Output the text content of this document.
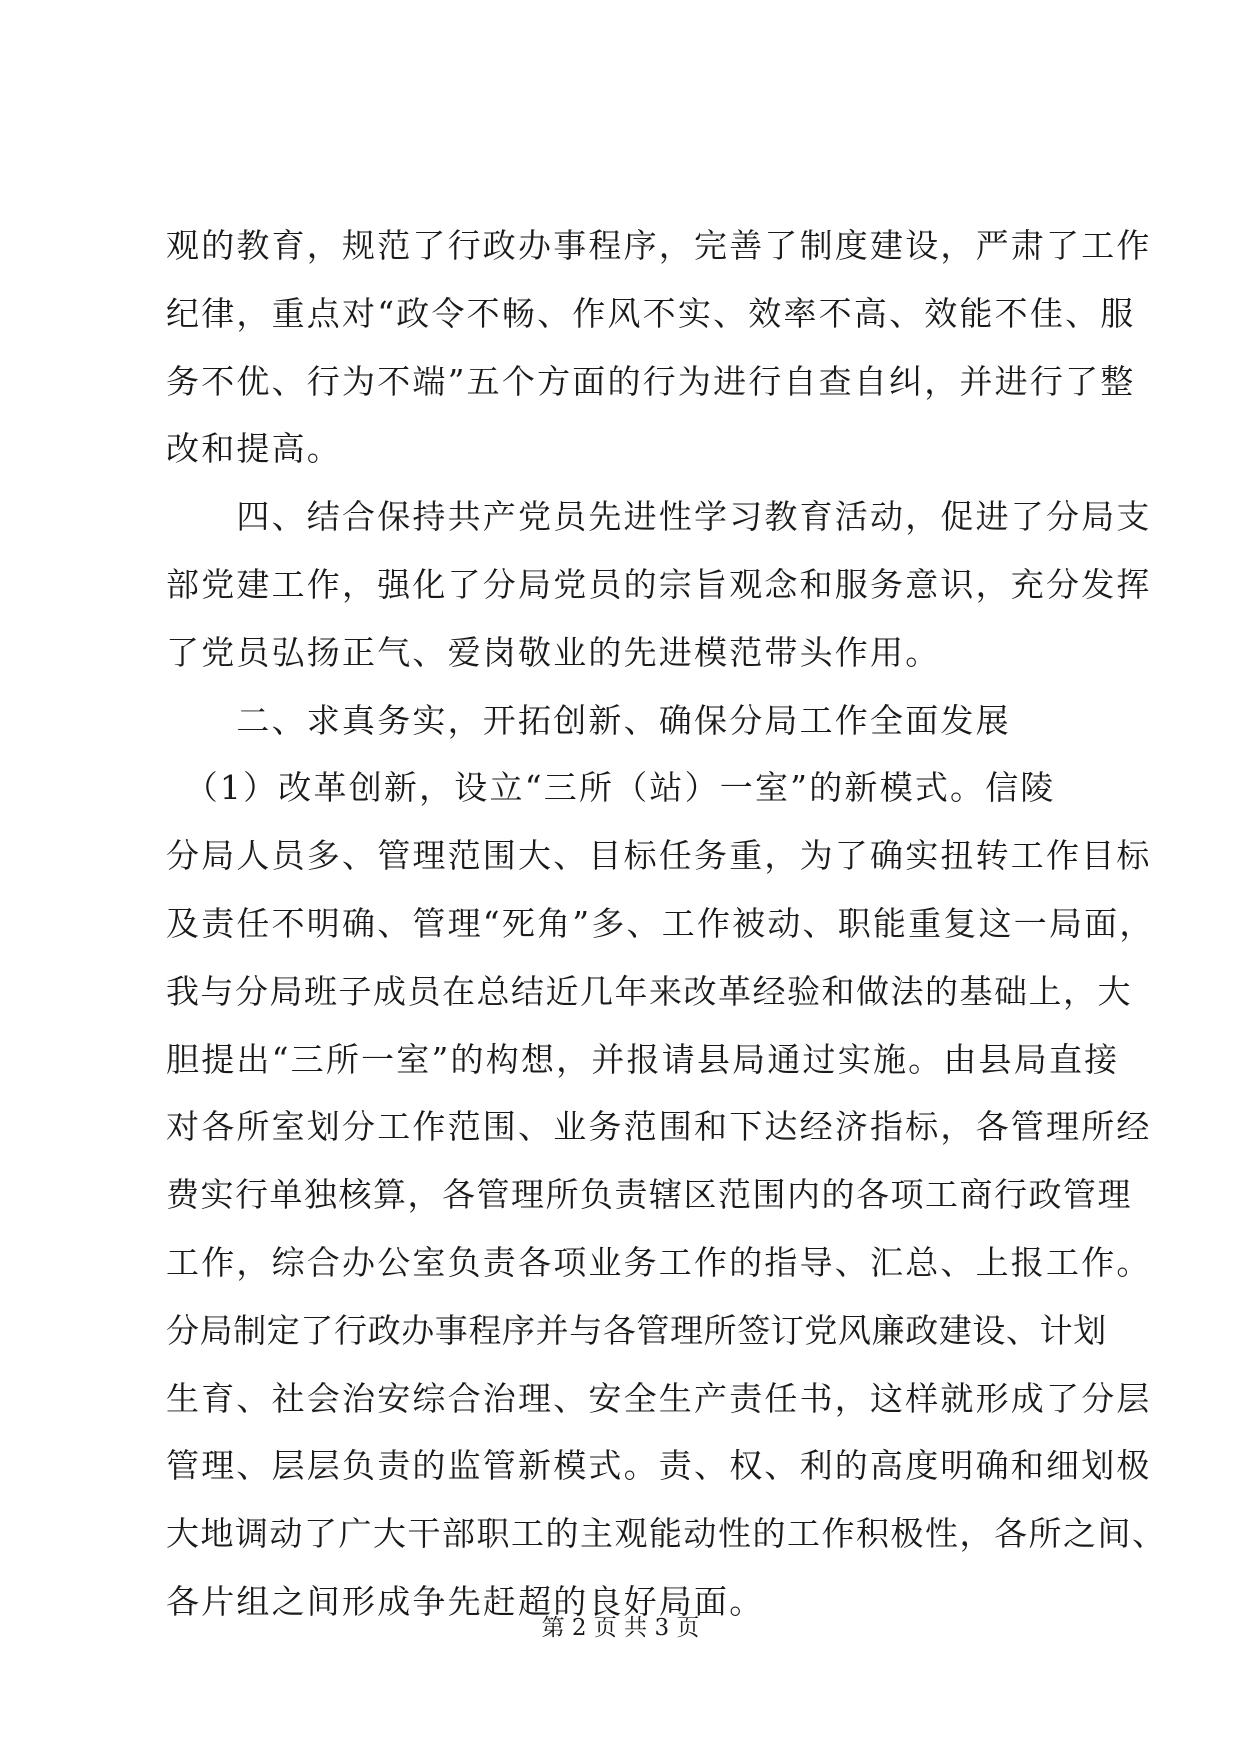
观的教育，规范了行政办事程序，完善了制度建设，严肃了工作
纪律，重点对“政令不畅、作风不实、效率不高、效能不佳、服
务不优、行为不端”五个方面的行为进行自查自纠，并进行了整
改和提高。
　　四、结合保持共产党员先进性学习教育活动，促进了分局支
部党建工作，强化了分局党员的宗旨观念和服务意识，充分发挥
了党员弘扬正气、爱岗敬业的先进模范带头作用。
　　二、求真务实，开拓创新、确保分局工作全面发展
　（1）改革创新，设立“三所（站）一室”的新模式。信陵
分局人员多、管理范围大、目标任务重，为了确实扭转工作目标
及责任不明确、管理“死角”多、工作被动、职能重复这一局面，
我与分局班子成员在总结近几年来改革经验和做法的基础上，大
胆提出“三所一室”的构想，并报请县局通过实施。由县局直接
对各所室划分工作范围、业务范围和下达经济指标，各管理所经
费实行单独核算，各管理所负责辖区范围内的各项工商行政管理
工作，综合办公室负责各项业务工作的指导、汇总、上报工作。
分局制定了行政办事程序并与各管理所签订党风廉政建设、计划
生育、社会治安综合治理、安全生产责任书，这样就形成了分层
管理、层层负责的监管新模式。责、权、利的高度明确和细划极
大地调动了广大干部职工的主观能动性的工作积极性，各所之间、
各片组之间形成争先赶超的良好局面。
第 2 页 共 3 页
